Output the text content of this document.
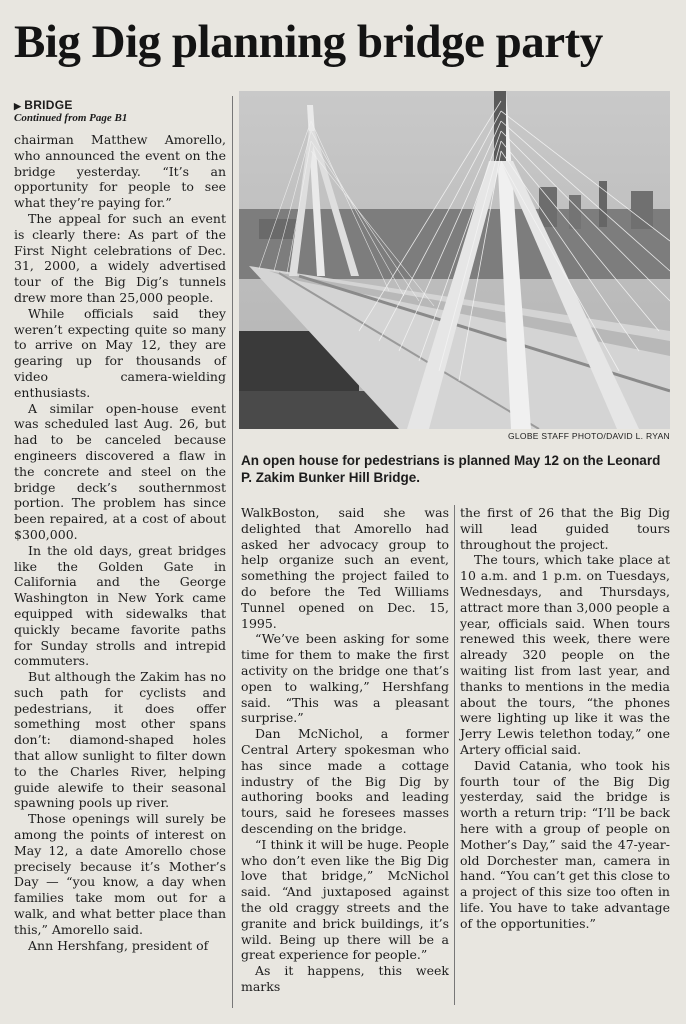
Big Dig planning bridge party
▶ BRIDGE
Continued from Page B1

chairman Matthew Amorello, who announced the event on the bridge yesterday. “It’s an opportunity for people to see what they’re paying for.”

The appeal for such an event is clearly there: As part of the First Night celebrations of Dec. 31, 2000, a widely advertised tour of the Big Dig’s tunnels drew more than 25,000 people.

While officials said they weren’t expecting quite so many to arrive on May 12, they are gearing up for thousands of video camera-wielding enthusiasts.

A similar open-house event was scheduled last Aug. 26, but had to be canceled because engineers discovered a flaw in the concrete and steel on the bridge deck’s southernmost portion. The problem has since been repaired, at a cost of about $300,000.

In the old days, great bridges like the Golden Gate in California and the George Washington in New York came equipped with sidewalks that quickly became favorite paths for Sunday strolls and intrepid commuters.

But although the Zakim has no such path for cyclists and pedestrians, it does offer something most other spans don’t: diamond-shaped holes that allow sunlight to filter down to the Charles River, helping guide alewife to their seasonal spawning pools up river.

Those openings will surely be among the points of interest on May 12, a date Amorello chose precisely because it’s Mother’s Day — “you know, a day when families take mom out for a walk, and what better place than this,” Amorello said.

Ann Hershfang, president of

GLOBE STAFF PHOTO/DAVID L. RYAN
An open house for pedestrians is planned May 12 on the Leonard P. Zakim Bunker Hill Bridge.

WalkBoston, said she was delighted that Amorello had asked her advocacy group to help organize such an event, something the project failed to do before the Ted Williams Tunnel opened on Dec. 15, 1995.

“We’ve been asking for some time for them to make the first activity on the bridge one that’s open to walking,” Hershfang said. “This was a pleasant surprise.”

Dan McNichol, a former Central Artery spokesman who has since made a cottage industry of the Big Dig by authoring books and leading tours, said he foresees masses descending on the bridge.

“I think it will be huge. People who don’t even like the Big Dig love that bridge,” McNichol said. “And juxtaposed against the old craggy streets and the granite and brick buildings, it’s wild. Being up there will be a great experience for people.”

As it happens, this week marks

the first of 26 that the Big Dig will lead guided tours throughout the project.

The tours, which take place at 10 a.m. and 1 p.m. on Tuesdays, Wednesdays, and Thursdays, attract more than 3,000 people a year, officials said. When tours renewed this week, there were already 320 people on the waiting list from last year, and thanks to mentions in the media about the tours, “the phones were lighting up like it was the Jerry Lewis telethon today,” one Artery official said.

David Catania, who took his fourth tour of the Big Dig yesterday, said the bridge is worth a return trip: “I’ll be back here with a group of people on Mother’s Day,” said the 47-year-old Dorchester man, camera in hand. “You can’t get this close to a project of this size too often in life. You have to take advantage of the opportunities.”
